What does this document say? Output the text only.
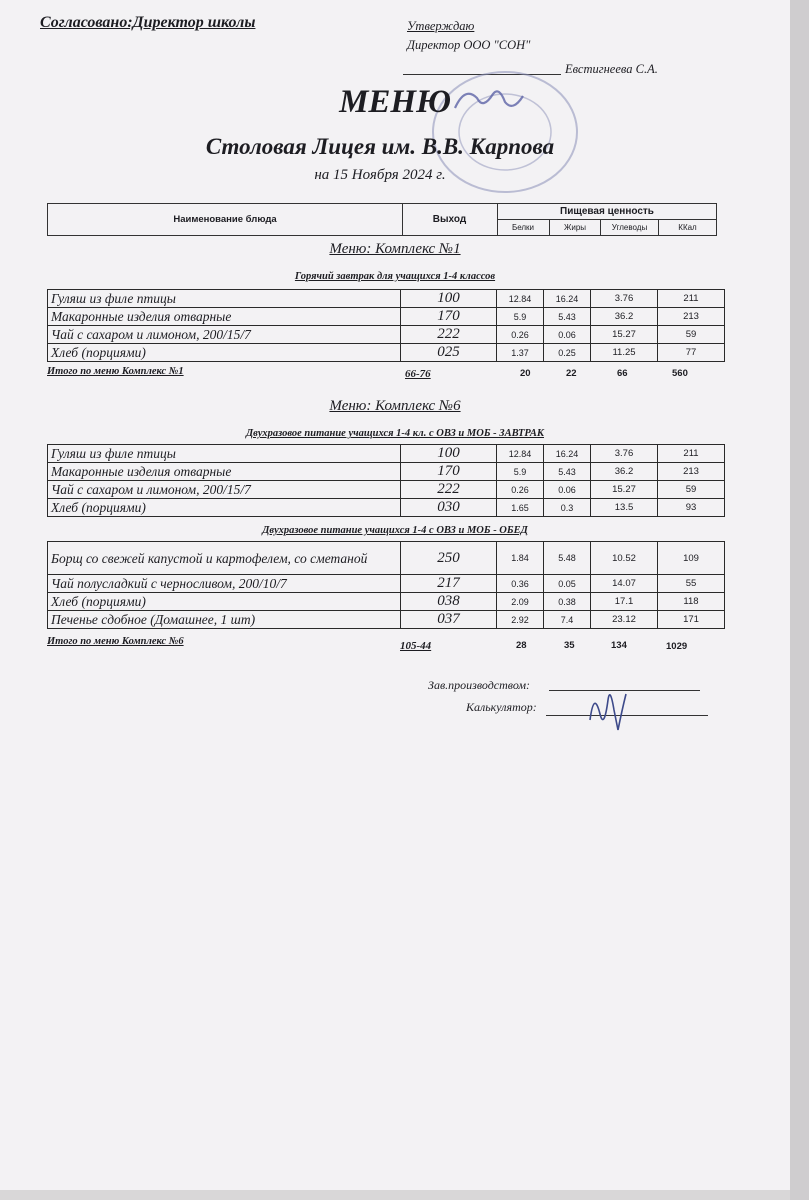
Согласовано:Директор школы	Утверждаю
Директор ООО "СОН"
Евстигнеева С.А.
МЕНЮ
Столовая Лицея им. В.В. Карпова
на 15 Ноября 2024 г.
Наименование блюда	Выход
Пищевая ценность
Белки	Жиры	Углеводы	ККал
Меню: Комплекс №1
Горячий завтрак для учащихся 1-4 классов
Гуляш из филе птицы	100	12.84	16.24	3.76	211
Макаронные изделия отварные	170	5.9	5.43	36.2	213
Чай с сахаром и лимоном, 200/15/7	222	0.26	0.06	15.27	59
Хлеб (порциями)	025	1.37	0.25	11.25	77
Итого по меню Комплекс №1	66-76	20	22	66	560
Меню: Комплекс №6
Двухразовое питание учащихся 1-4 кл. с ОВЗ и МОБ - ЗАВТРАК
Гуляш из филе птицы	100	12.84	16.24	3.76	211
Макаронные изделия отварные	170	5.9	5.43	36.2	213
Чай с сахаром и лимоном, 200/15/7	222	0.26	0.06	15.27	59
Хлеб (порциями)	030	1.65	0.3	13.5	93
Двухразовое питание учащихся 1-4 с ОВЗ и МОБ - ОБЕД
Борщ со свежей капустой и картофелем, со сметаной	250	1.84	5.48	10.52	109
Чай полусладкий с черносливом, 200/10/7	217	0.36	0.05	14.07	55
Хлеб (порциями)	038	2.09	0.38	17.1	118
Печенье сдобное (Домашнее, 1 шт)	037	2.92	7.4	23.12	171
Итого по меню Комплекс №6	105-44	28	35	134	1029
Зав.производством:
Калькулятор:
